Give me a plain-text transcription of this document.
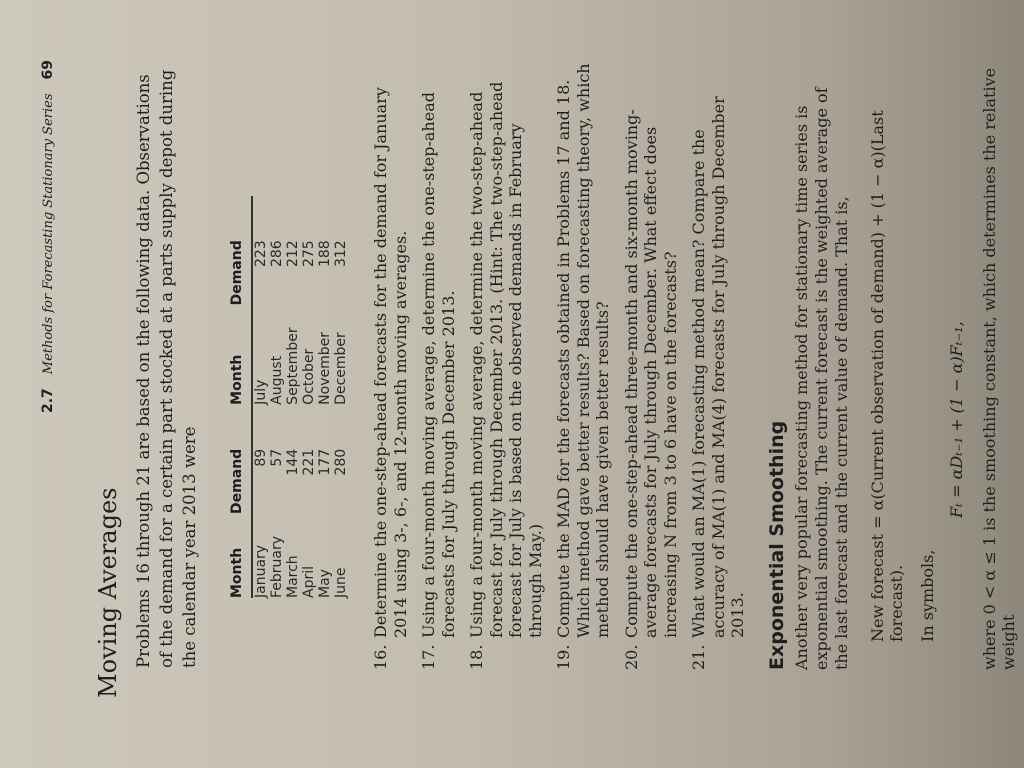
2.7
Methods for Forecasting Stationary Series
69
Moving Averages Problems 16 through 21 are based on the following data. Observations of the demand for a certain part stocked at a parts supply depot during the calendar year 2013 were Month	Demand	Month	Demand
January	89	July	223
February	57	August	286
March	144	September	212
April	221	October	275
May	177	November	188
June	280	December	312
16.
Determine the one-step-ahead forecasts for the demand for January 2014 using 3-, 6-, and 12-month moving averages.
17.
Using a four-month moving average, determine the one-step-ahead forecasts for July through December 2013.
18.
Using a four-month moving average, determine the two-step-ahead forecast for July through December 2013. (Hint: The two-step-ahead forecast for July is based on the observed demands in February through May.)
19.
Compute the MAD for the forecasts obtained in Problems 17 and 18. Which method gave better results? Based on forecasting theory, which method should have given better results?
20.
Compute the one-step-ahead three-month and six-month moving-average forecasts for July through December. What effect does increasing N from 3 to 6 have on the forecasts?
21.
What would an MA(1) forecasting method mean? Compare the accuracy of MA(1) and MA(4) forecasts for July through December 2013. Exponential Smoothing Another very popular forecasting method for stationary time series is exponential smoothing. The current forecast is the weighted average of the last forecast and the current value of demand. That is, New forecast = α(Current observation of demand) + (1 − α)(Last forecast). In symbols,
Fₜ = αDₜ₋₁ + (1 − α)Fₜ₋₁, where 0 < α ≤ 1 is the smoothing constant, which determines the relative weight
